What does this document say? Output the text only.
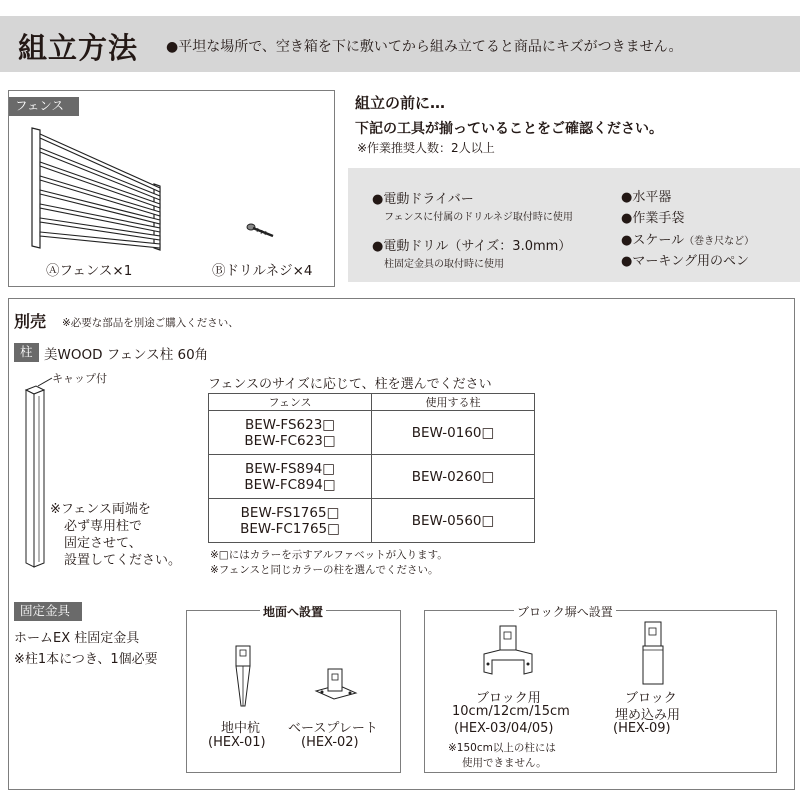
組立方法 ●平坦な場所で、空き箱を下に敷いてから組み立てると商品にキズがつきません。
フェンス
Ⓐフェンス×1	Ⓑドリルネジ×4
組立の前に…
下記の工具が揃っていることをご確認ください。
※作業推奨人数：2人以上
●電動ドライバー
フェンスに付属のドリルネジ取付時に使用
●電動ドリル（サイズ：3.0mm）
柱固定金具の取付時に使用
●水平器
●作業手袋
●スケール（巻き尺など）
●マーキング用のペン
別売 ※必要な部品を別途ご購入ください、
柱 美WOOD フェンス柱 60角
キャップ付
※フェンス両端を
必ず専用柱で
固定させて、
設置してください。
フェンスのサイズに応じて、柱を選んでください
フェンス	使用する柱

BEW-FS623□
BEW-FC623□	BEW-0160□

BEW-FS894□
BEW-FC894□	BEW-0260□

BEW-FS1765□
BEW-FC1765□	BEW-0560□
※□にはカラーを示すアルファベットが入ります。
※フェンスと同じカラーの柱を選んでください。
固定金具
ホームEX 柱固定金具
※柱1本につき、1個必要
地面へ設置
地中杭
(HEX-01)
ベースプレート
(HEX-02)
ブロック塀へ設置
ブロック用
10cm/12cm/15cm
(HEX-03/04/05)
※150cm以上の柱には
使用できません。
ブロック
埋め込み用
(HEX-09)
